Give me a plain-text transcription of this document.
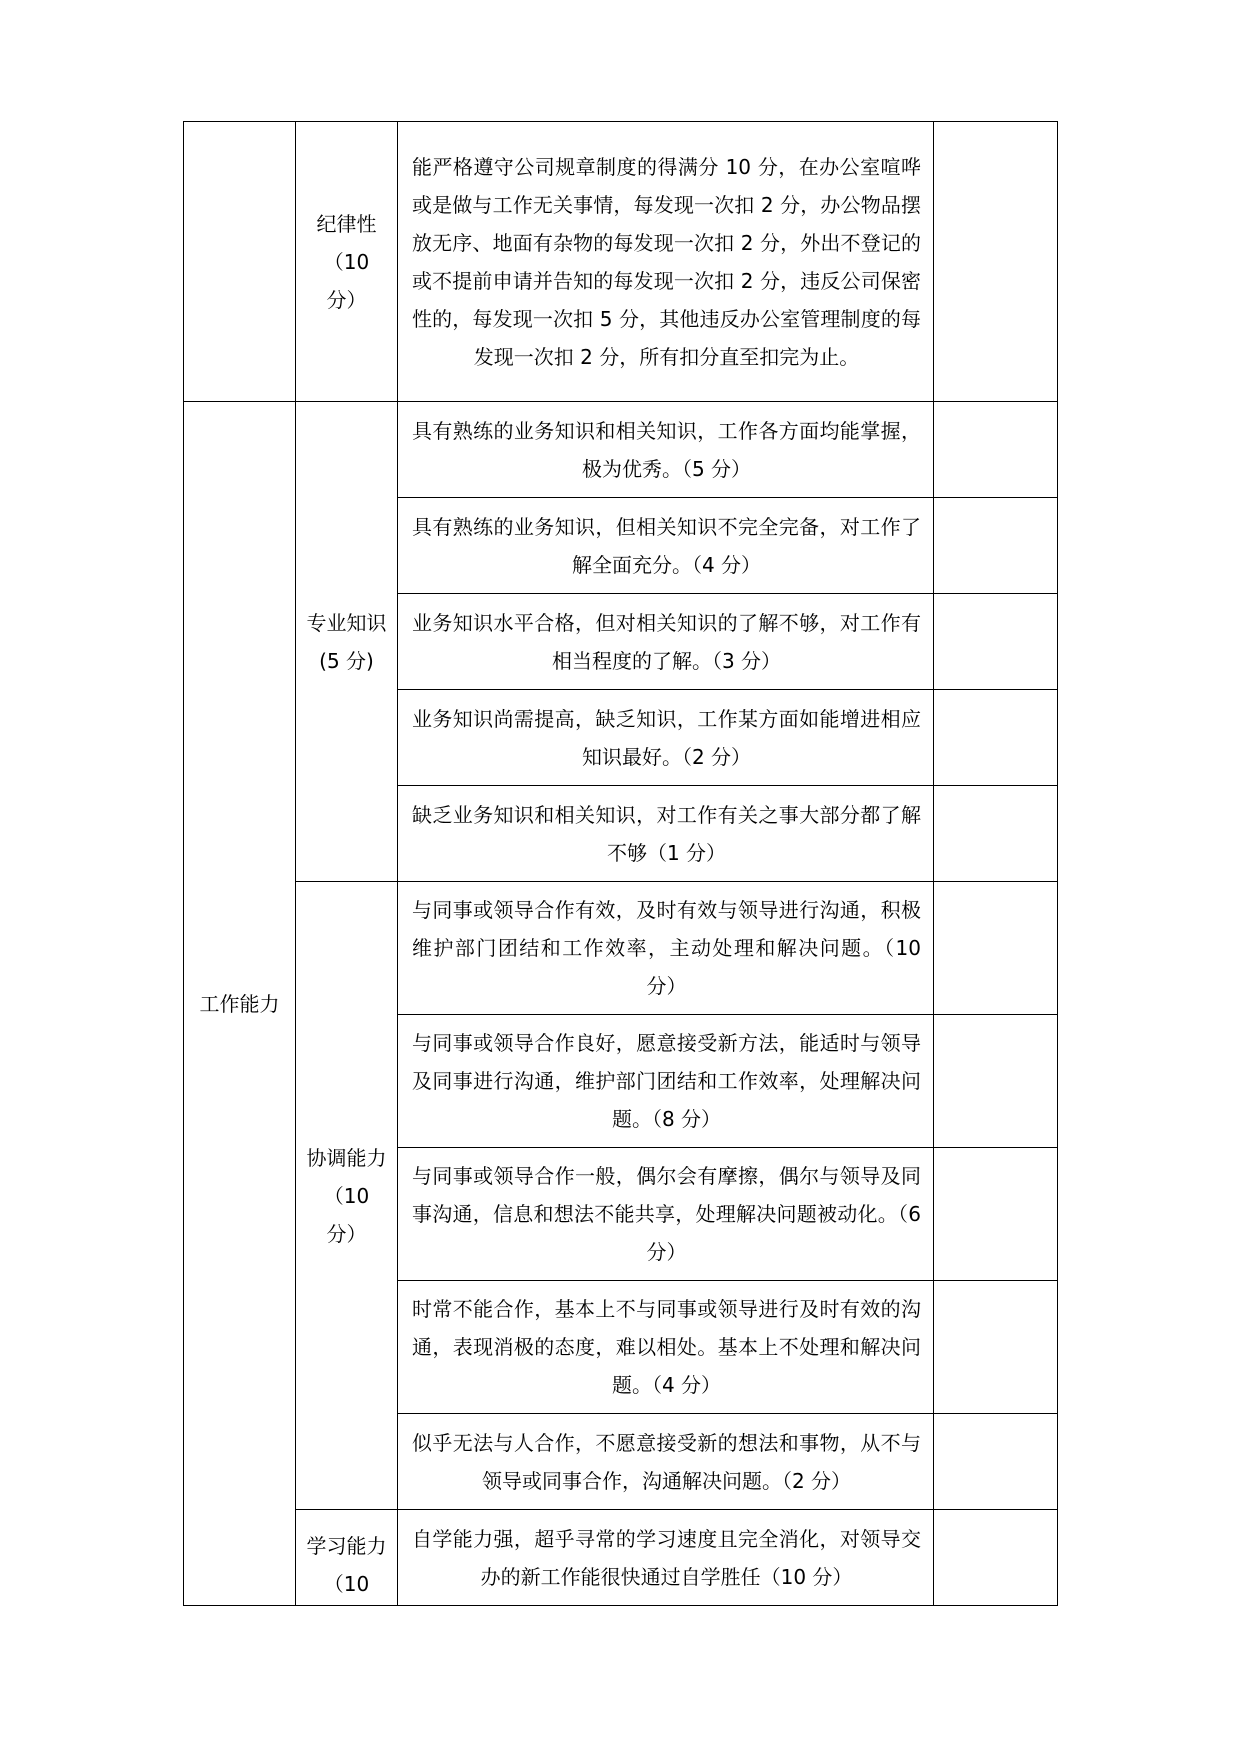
	纪律性（10 分）	能严格遵守公司规章制度的得满分 10 分，在办公室喧哗或是做与工作无关事情，每发现一次扣 2 分，办公物品摆放无序、地面有杂物的每发现一次扣 2 分，外出不登记的或不提前申请并告知的每发现一次扣 2 分，违反公司保密性的，每发现一次扣 5 分，其他违反办公室管理制度的每发现一次扣 2 分，所有扣分直至扣完为止。	

工作能力	专业知识(5 分)	具有熟练的业务知识和相关知识，工作各方面均能掌握，极为优秀。（5 分）	

		具有熟练的业务知识，但相关知识不完全完备，对工作了解全面充分。（4 分）	

		业务知识水平合格，但对相关知识的了解不够，对工作有相当程度的了解。（3 分）	

		业务知识尚需提高，缺乏知识，工作某方面如能增进相应知识最好。（2 分）	

		缺乏业务知识和相关知识，对工作有关之事大部分都了解不够（1 分）	

	协调能力（10 分）	与同事或领导合作有效，及时有效与领导进行沟通，积极维护部门团结和工作效率，主动处理和解决问题。（10 分）	

		与同事或领导合作良好，愿意接受新方法，能适时与领导及同事进行沟通，维护部门团结和工作效率，处理解决问题。（8 分）	

		与同事或领导合作一般，偶尔会有摩擦，偶尔与领导及同事沟通，信息和想法不能共享，处理解决问题被动化。（6 分）	

		时常不能合作，基本上不与同事或领导进行及时有效的沟通，表现消极的态度，难以相处。基本上不处理和解决问题。（4 分）	

		似乎无法与人合作，不愿意接受新的想法和事物，从不与领导或同事合作，沟通解决问题。（2 分）	

	学习能力（10	自学能力强，超乎寻常的学习速度且完全消化，对领导交办的新工作能很快通过自学胜任（10 分）	
